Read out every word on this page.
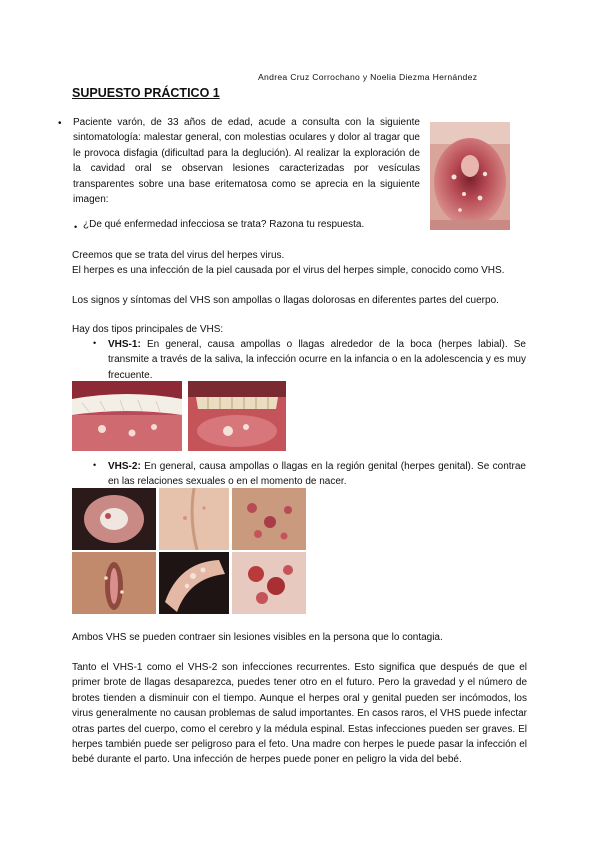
Andrea Cruz Corrochano y Noelia Diezma Hernández
SUPUESTO PRÁCTICO 1
• Paciente varón, de 33 años de edad, acude a consulta con la siguiente sintomatología: malestar general, con molestias oculares y dolor al tragar que le provoca disfagia (dificultad para la deglución). Al realizar la exploración de la cavidad oral se observan lesiones caracterizadas por vesículas transparentes sobre una base eritematosa como se aprecia en la siguiente imagen:
• ¿De qué enfermedad infecciosa se trata? Razona tu respuesta.
Creemos que se trata del virus del herpes virus.
El herpes es una infección de la piel causada por el virus del herpes simple, conocido como VHS.
Los signos y síntomas del VHS son ampollas o llagas dolorosas en diferentes partes del cuerpo.
Hay dos tipos principales de VHS:
• VHS-1: En general, causa ampollas o llagas alrededor de la boca (herpes labial). Se transmite a través de la saliva, la infección ocurre en la infancia o en la adolescencia y es muy frecuente.
• VHS-2: En general, causa ampollas o llagas en la región genital (herpes genital). Se contrae en las relaciones sexuales o en el momento de nacer.
Ambos VHS se pueden contraer sin lesiones visibles en la persona que lo contagia.
Tanto el VHS-1 como el VHS-2 son infecciones recurrentes. Esto significa que después de que el primer brote de llagas desaparezca, puedes tener otro en el futuro. Pero la gravedad y el número de brotes tienden a disminuir con el tiempo. Aunque el herpes oral y genital pueden ser incómodos, los virus generalmente no causan problemas de salud importantes. En casos raros, el VHS puede infectar otras partes del cuerpo, como el cerebro y la médula espinal. Estas infecciones pueden ser graves. El herpes también puede ser peligroso para el feto. Una madre con herpes le puede pasar la infección el bebé durante el parto. Una infección de herpes puede poner en peligro la vida del bebé.
